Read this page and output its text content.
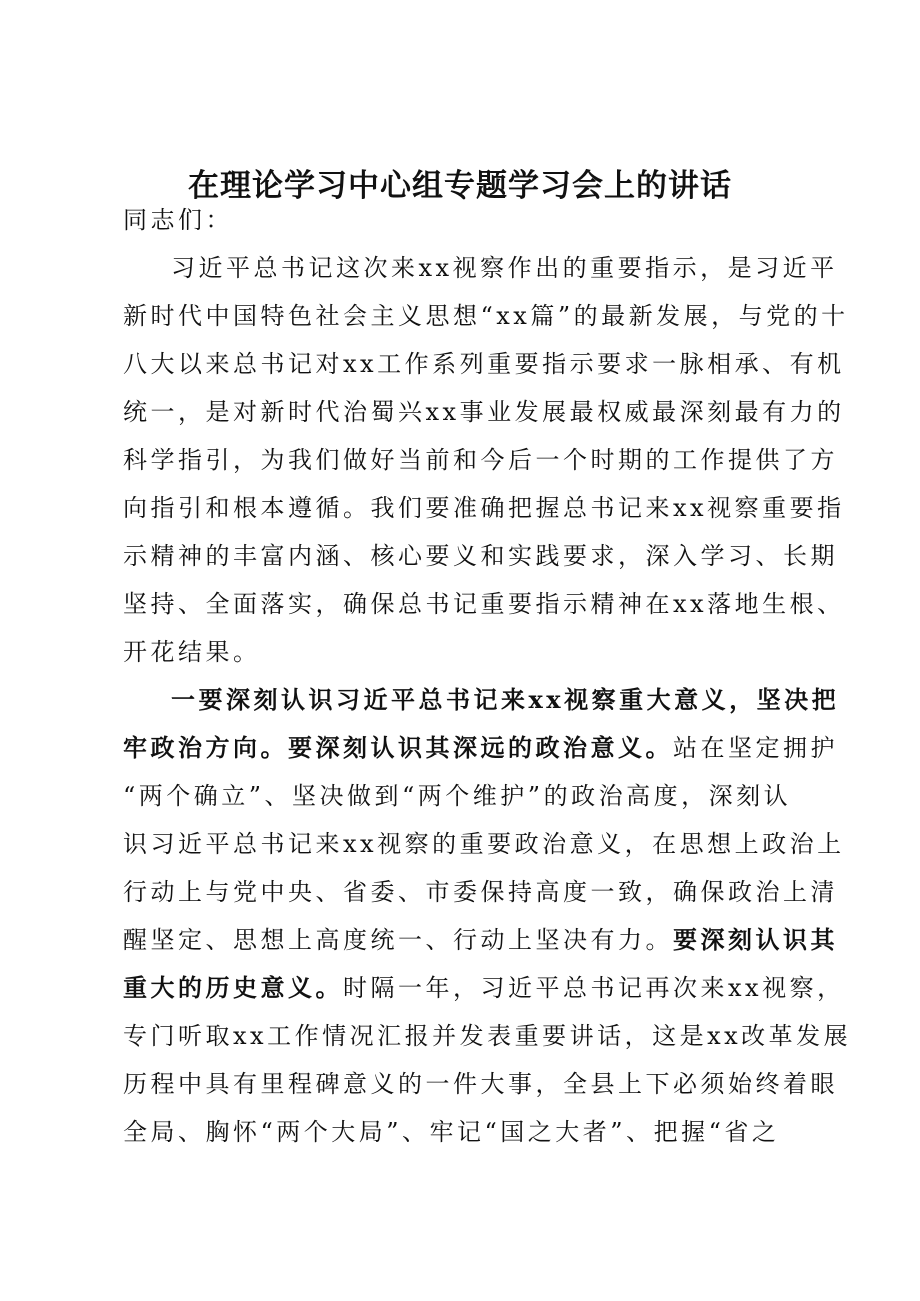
在理论学习中心组专题学习会上的讲话
同志们：
习近平总书记这次来xx视察作出的重要指示，是习近平
新时代中国特色社会主义思想“xx篇”的最新发展，与党的十
八大以来总书记对xx工作系列重要指示要求一脉相承、有机
统一，是对新时代治蜀兴xx事业发展最权威最深刻最有力的
科学指引，为我们做好当前和今后一个时期的工作提供了方
向指引和根本遵循。我们要准确把握总书记来xx视察重要指
示精神的丰富内涵、核心要义和实践要求，深入学习、长期
坚持、全面落实，确保总书记重要指示精神在xx落地生根、
开花结果。
一要深刻认识习近平总书记来xx视察重大意义，坚决把
牢政治方向。要深刻认识其深远的政治意义。站在坚定拥护
“两个确立”、坚决做到“两个维护”的政治高度，深刻认
识习近平总书记来xx视察的重要政治意义，在思想上政治上
行动上与党中央、省委、市委保持高度一致，确保政治上清
醒坚定、思想上高度统一、行动上坚决有力。要深刻认识其
重大的历史意义。时隔一年，习近平总书记再次来xx视察，
专门听取xx工作情况汇报并发表重要讲话，这是xx改革发展
历程中具有里程碑意义的一件大事，全县上下必须始终着眼
全局、胸怀“两个大局”、牢记“国之大者”、把握“省之
